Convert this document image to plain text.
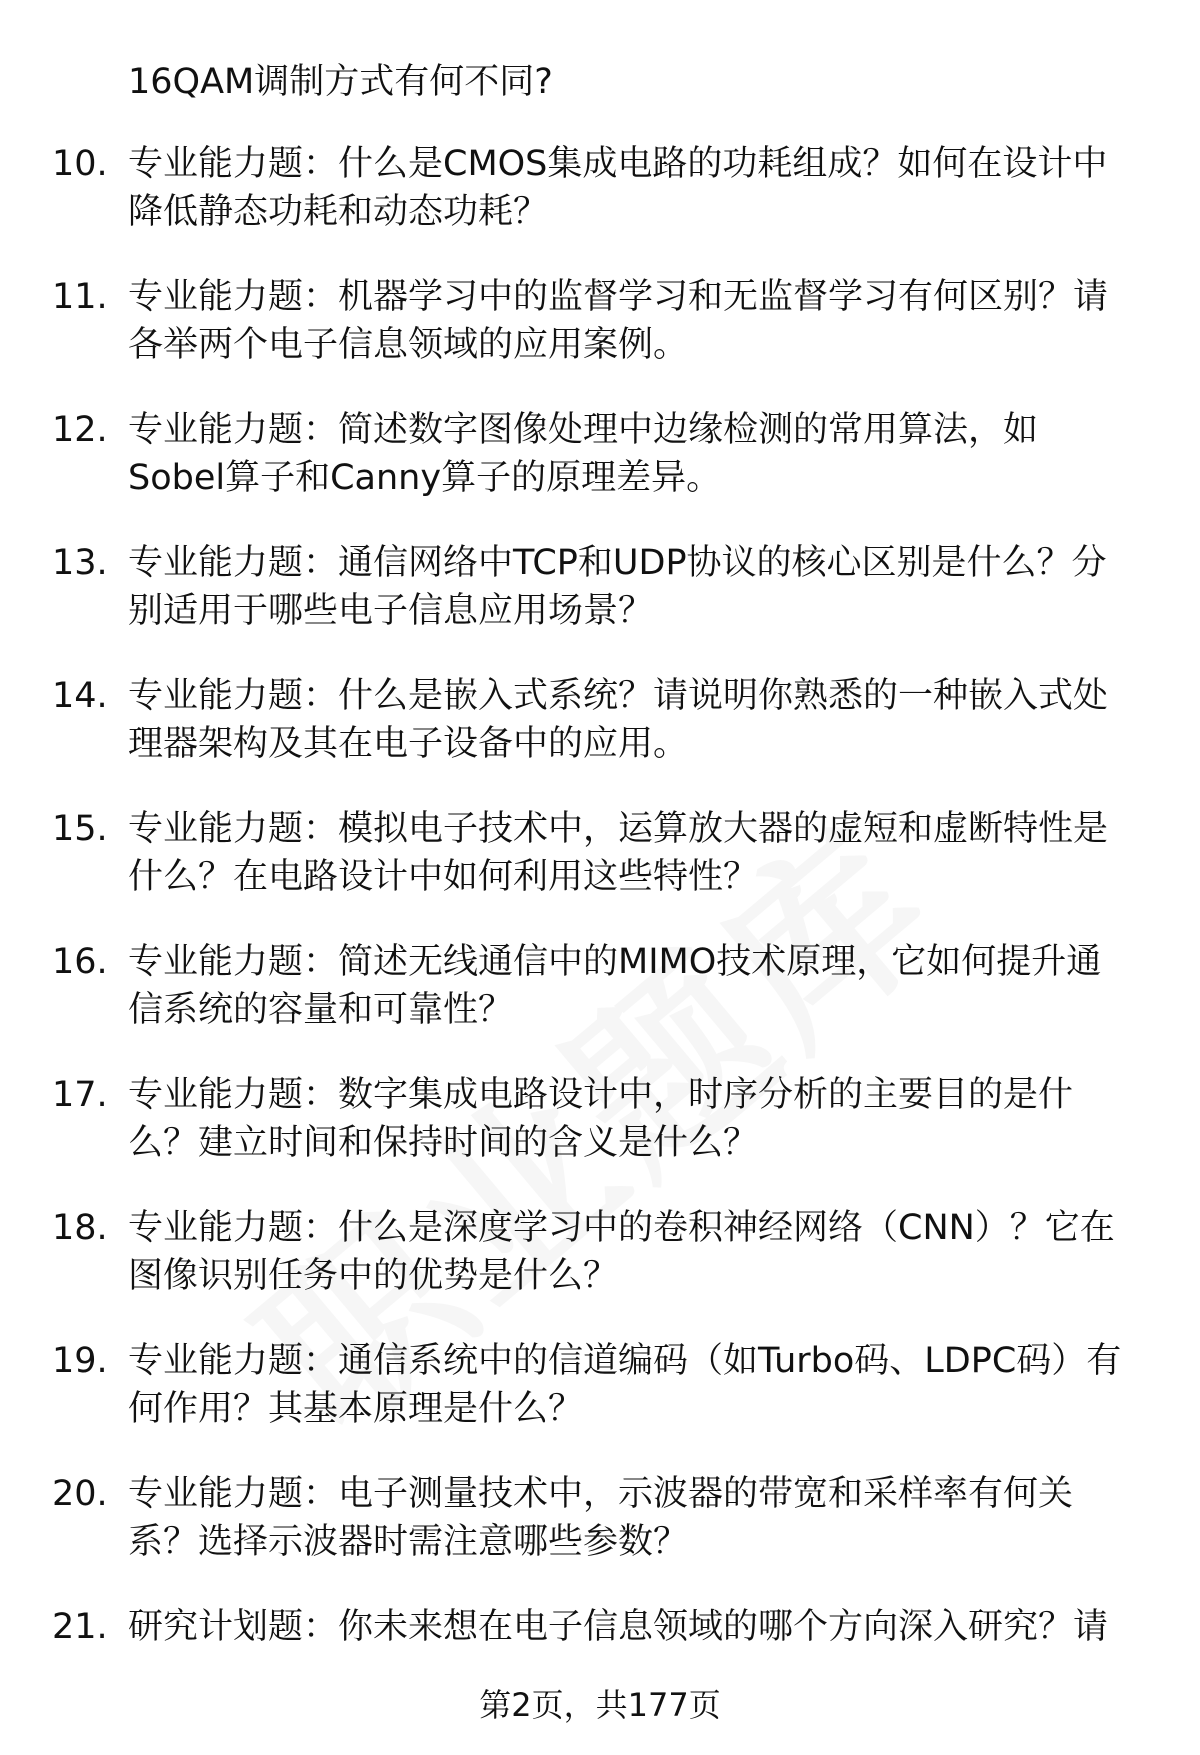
16QAM调制方式有何不同?
10. 专业能力题：什么是CMOS集成电路的功耗组成？如何在设计中
降低静态功耗和动态功耗？
11. 专业能力题：机器学习中的监督学习和无监督学习有何区别？请
各举两个电子信息领域的应用案例。
12. 专业能力题：简述数字图像处理中边缘检测的常用算法，如
Sobel算子和Canny算子的原理差异。
13. 专业能力题：通信网络中TCP和UDP协议的核心区别是什么？分
别适用于哪些电子信息应用场景？
14. 专业能力题：什么是嵌入式系统？请说明你熟悉的一种嵌入式处
理器架构及其在电子设备中的应用。
15. 专业能力题：模拟电子技术中，运算放大器的虚短和虚断特性是
什么？在电路设计中如何利用这些特性？
16. 专业能力题：简述无线通信中的MIMO技术原理，它如何提升通
信系统的容量和可靠性？
17. 专业能力题：数字集成电路设计中，时序分析的主要目的是什
么？建立时间和保持时间的含义是什么？
18. 专业能力题：什么是深度学习中的卷积神经网络（CNN）？它在
图像识别任务中的优势是什么？
19. 专业能力题：通信系统中的信道编码（如Turbo码、LDPC码）有
何作用？其基本原理是什么？
20. 专业能力题：电子测量技术中，示波器的带宽和采样率有何关
系？选择示波器时需注意哪些参数？
21. 研究计划题：你未来想在电子信息领域的哪个方向深入研究？请
第2页，共177页
